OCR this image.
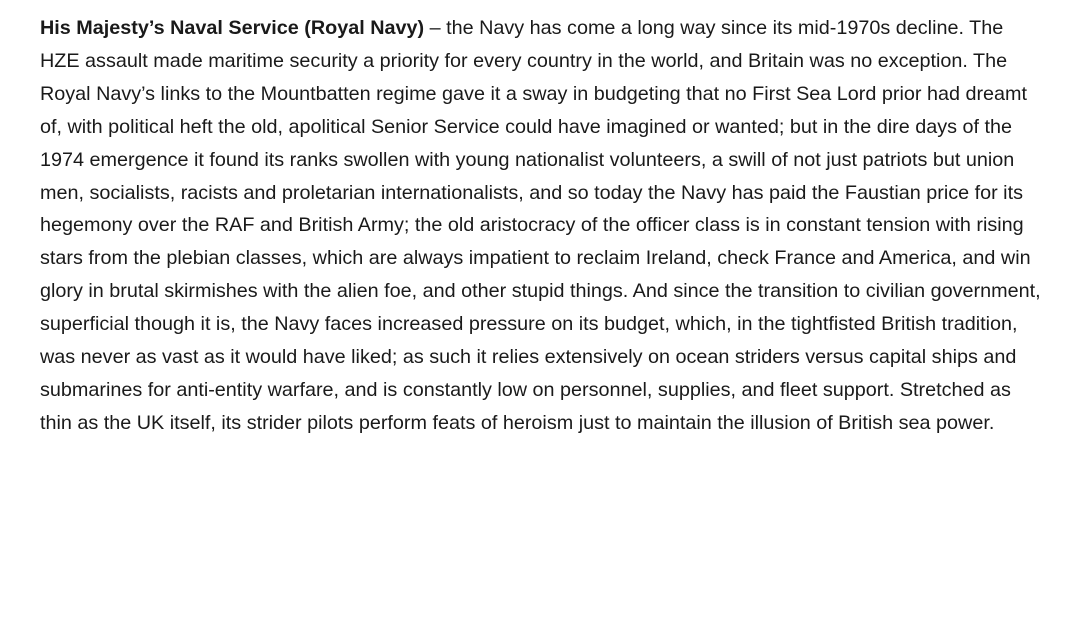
His Majesty’s Naval Service (Royal Navy) – the Navy has come a long way since its mid-1970s decline. The HZE assault made maritime security a priority for every country in the world, and Britain was no exception. The Royal Navy’s links to the Mountbatten regime gave it a sway in budgeting that no First Sea Lord prior had dreamt of, with political heft the old, apolitical Senior Service could have imagined or wanted; but in the dire days of the 1974 emergence it found its ranks swollen with young nationalist volunteers, a swill of not just patriots but union men, socialists, racists and proletarian internationalists, and so today the Navy has paid the Faustian price for its hegemony over the RAF and British Army; the old aristocracy of the officer class is in constant tension with rising stars from the plebian classes, which are always impatient to reclaim Ireland, check France and America, and win glory in brutal skirmishes with the alien foe, and other stupid things. And since the transition to civilian government, superficial though it is, the Navy faces increased pressure on its budget, which, in the tightfisted British tradition, was never as vast as it would have liked; as such it relies extensively on ocean striders versus capital ships and submarines for anti-entity warfare, and is constantly low on personnel, supplies, and fleet support. Stretched as thin as the UK itself, its strider pilots perform feats of heroism just to maintain the illusion of British sea power.
